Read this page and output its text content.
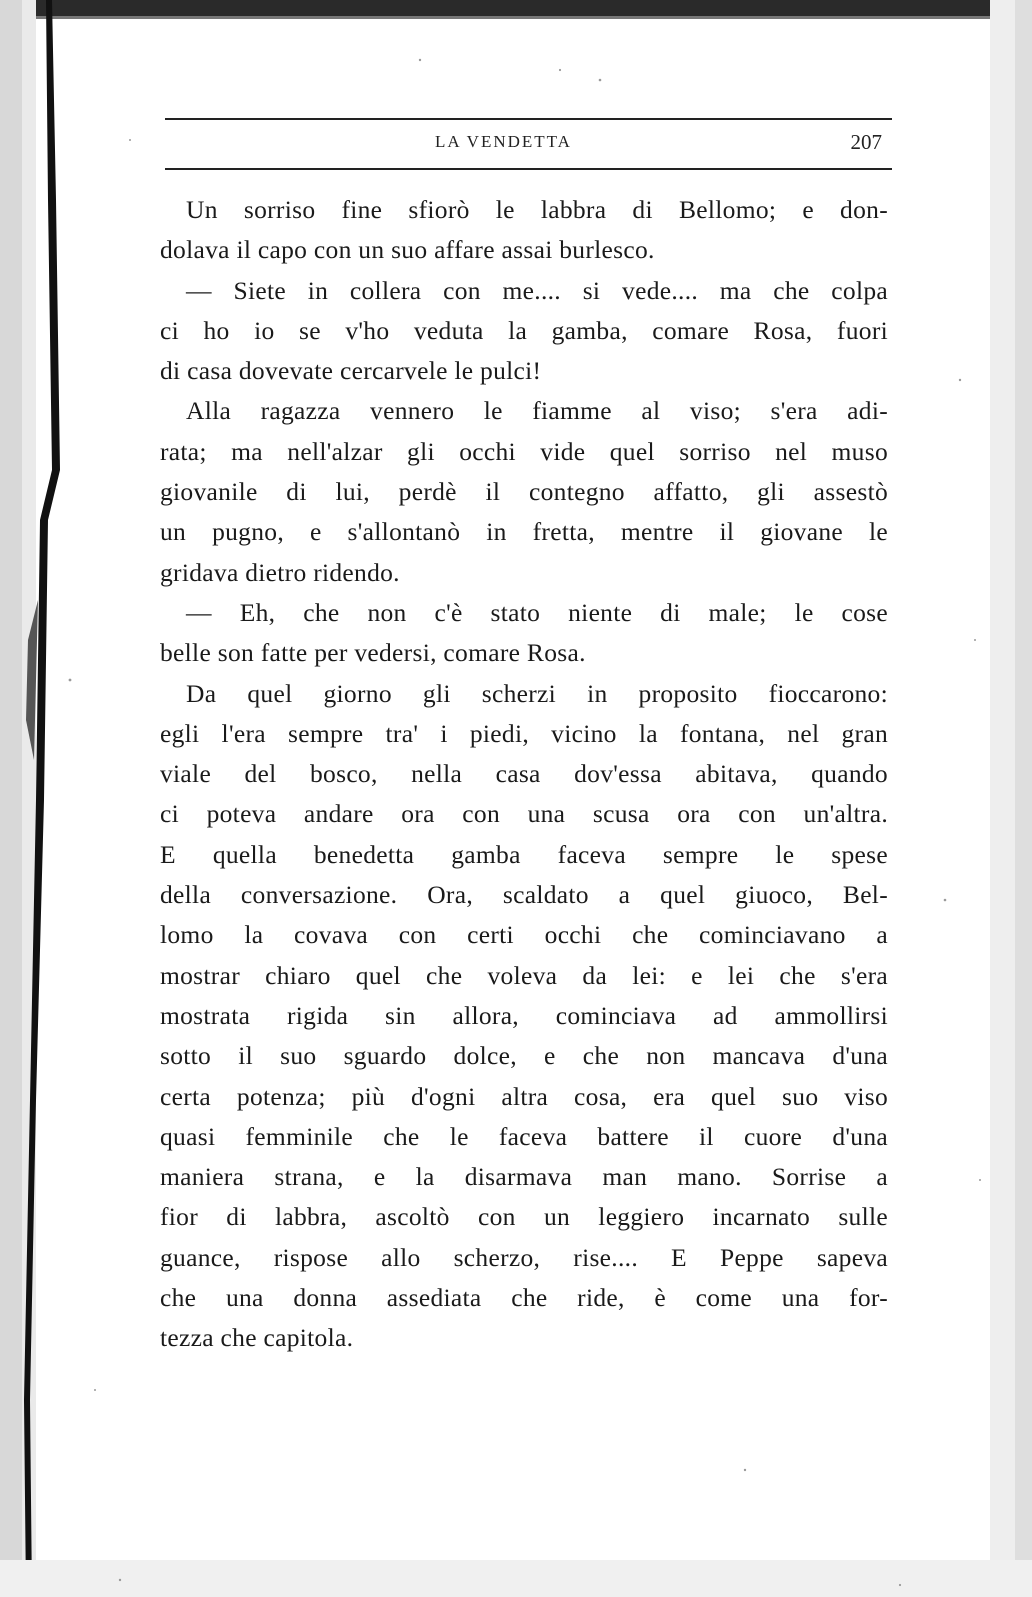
LA VENDETTA	207
Un sorriso fine sfiorò le labbra di Bellomo; e don-
dolava il capo con un suo affare assai burlesco.
— Siete in collera con me.... si vede.... ma che colpa
ci ho io se v'ho veduta la gamba, comare Rosa, fuori
di casa dovevate cercarvele le pulci!
Alla ragazza vennero le fiamme al viso; s'era adi-
rata; ma nell'alzar gli occhi vide quel sorriso nel muso
giovanile di lui, perdè il contegno affatto, gli assestò
un pugno, e s'allontanò in fretta, mentre il giovane le
gridava dietro ridendo.
— Eh, che non c'è stato niente di male; le cose
belle son fatte per vedersi, comare Rosa.
Da quel giorno gli scherzi in proposito fioccarono:
egli l'era sempre tra' i piedi, vicino la fontana, nel gran
viale del bosco, nella casa dov'essa abitava, quando
ci poteva andare ora con una scusa ora con un'altra.
E quella benedetta gamba faceva sempre le spese
della conversazione. Ora, scaldato a quel giuoco, Bel-
lomo la covava con certi occhi che cominciavano a
mostrar chiaro quel che voleva da lei: e lei che s'era
mostrata rigida sin allora, cominciava ad ammollirsi
sotto il suo sguardo dolce, e che non mancava d'una
certa potenza; più d'ogni altra cosa, era quel suo viso
quasi femminile che le faceva battere il cuore d'una
maniera strana, e la disarmava man mano. Sorrise a
fior di labbra, ascoltò con un leggiero incarnato sulle
guance, rispose allo scherzo, rise.... E Peppe sapeva
che una donna assediata che ride, è come una for-
tezza che capitola.
